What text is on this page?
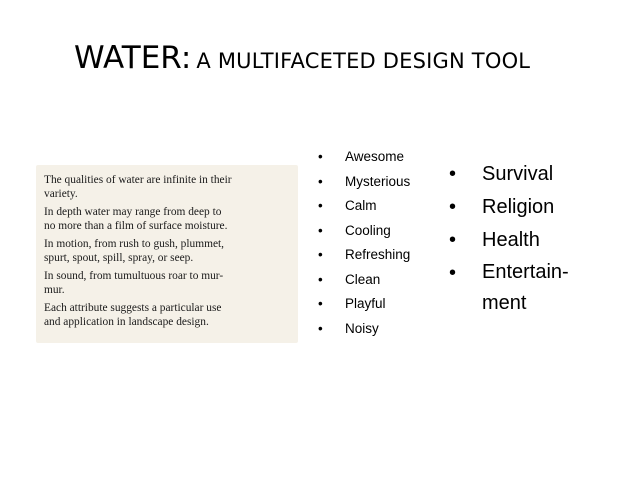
WATER: A MULTIFACETED DESIGN TOOL

The qualities of water are infinite in their

variety.

In depth water may range from deep to

no more than a film of surface moisture.

In motion, from rush to gush, plummet,

spurt, spout, spill, spray, or seep.

In sound, from tumultuous roar to mur-

mur.

Each attribute suggests a particular use

and application in landscape design.

• Awesome
• Mysterious
• Calm
• Cooling
• Refreshing
• Clean
• Playful
• Noisy
• Survival
• Religion
• Health
• Entertain-
ment
